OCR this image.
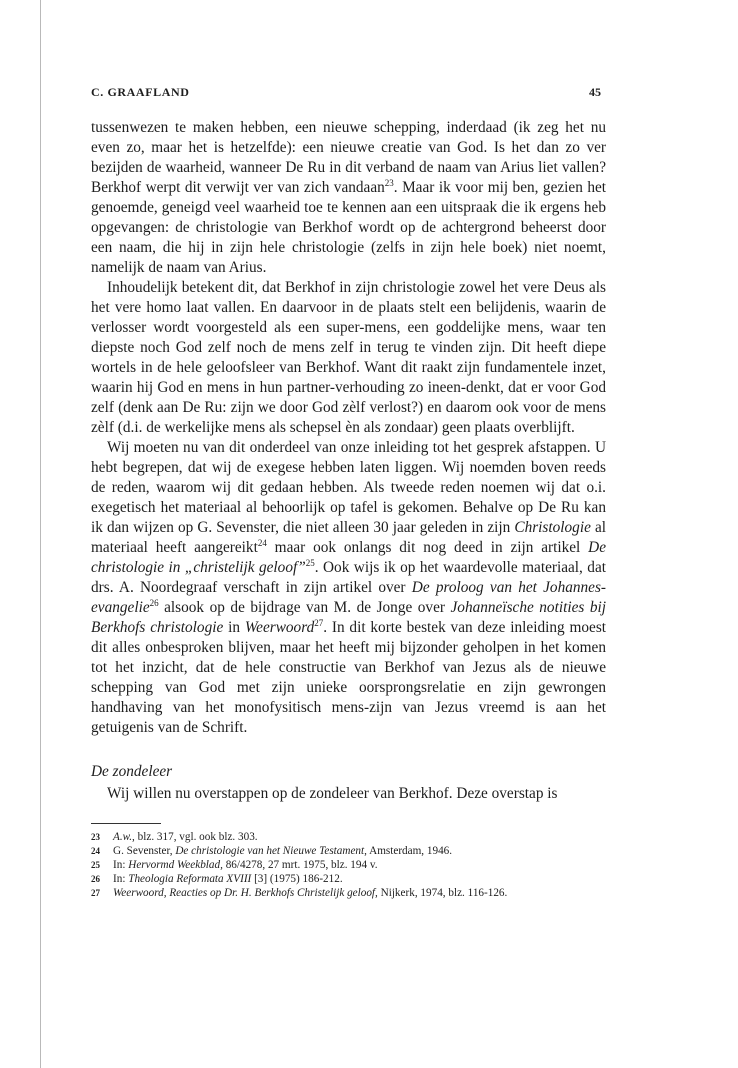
C. GRAAFLAND	45

tussenwezen te maken hebben, een nieuwe schepping, inderdaad (ik zeg het nu even zo, maar het is hetzelfde): een nieuwe creatie van God. Is het dan zo ver bezijden de waarheid, wanneer De Ru in dit verband de naam van Arius liet vallen? Berkhof werpt dit verwijt ver van zich vandaan$^{23}$. Maar ik voor mij ben, gezien het genoemde, geneigd veel waarheid toe te kennen aan een uitspraak die ik ergens heb opgevangen: de christologie van Berkhof wordt op de achtergrond beheerst door een naam, die hij in zijn hele christologie (zelfs in zijn hele boek) niet noemt, namelijk de naam van Arius.

Inhoudelijk betekent dit, dat Berkhof in zijn christologie zowel het vere Deus als het vere homo laat vallen. En daarvoor in de plaats stelt een belijdenis, waarin de verlosser wordt voorgesteld als een super-mens, een goddelijke mens, waar ten diepste noch God zelf noch de mens zelf in terug te vinden zijn. Dit heeft diepe wortels in de hele geloofsleer van Berkhof. Want dit raakt zijn fundamentele inzet, waarin hij God en mens in hun partner-verhouding zo ineen-denkt, dat er voor God zelf (denk aan De Ru: zijn we door God zèlf verlost?) en daarom ook voor de mens zèlf (d.i. de werkelijke mens als schepsel èn als zondaar) geen plaats overblijft.

Wij moeten nu van dit onderdeel van onze inleiding tot het gesprek afstappen. U hebt begrepen, dat wij de exegese hebben laten liggen. Wij noemden boven reeds de reden, waarom wij dit gedaan hebben. Als tweede reden noemen wij dat o.i. exegetisch het materiaal al behoorlijk op tafel is gekomen. Behalve op De Ru kan ik dan wijzen op G. Sevenster, die niet alleen 30 jaar geleden in zijn Christologie al materiaal heeft aangereikt$^{24}$ maar ook onlangs dit nog deed in zijn artikel De christologie in „christelijk geloof”$^{25}$. Ook wijs ik op het waardevolle materiaal, dat drs. A. Noordegraaf verschaft in zijn artikel over De proloog van het Johannes-evangelie$^{26}$ alsook op de bijdrage van M. de Jonge over Johanneïsche notities bij Berkhofs christologie in Weerwoord$^{27}$. In dit korte bestek van deze inleiding moest dit alles onbesproken blijven, maar het heeft mij bijzonder geholpen in het komen tot het inzicht, dat de hele constructie van Berkhof van Jezus als de nieuwe schepping van God met zijn unieke oorsprongsrelatie en zijn gewrongen handhaving van het monofysitisch mens-zijn van Jezus vreemd is aan het getuigenis van de Schrift.

De zondeleer

Wij willen nu overstappen op de zondeleer van Berkhof. Deze overstap is

23 A.w., blz. 317, vgl. ook blz. 303.
24 G. Sevenster, De christologie van het Nieuwe Testament, Amsterdam, 1946.
25 In: Hervormd Weekblad, 86/4278, 27 mrt. 1975, blz. 194 v.
26 In: Theologia Reformata XVIII [3] (1975) 186-212.
27 Weerwoord, Reacties op Dr. H. Berkhofs Christelijk geloof, Nijkerk, 1974, blz. 116-126.
